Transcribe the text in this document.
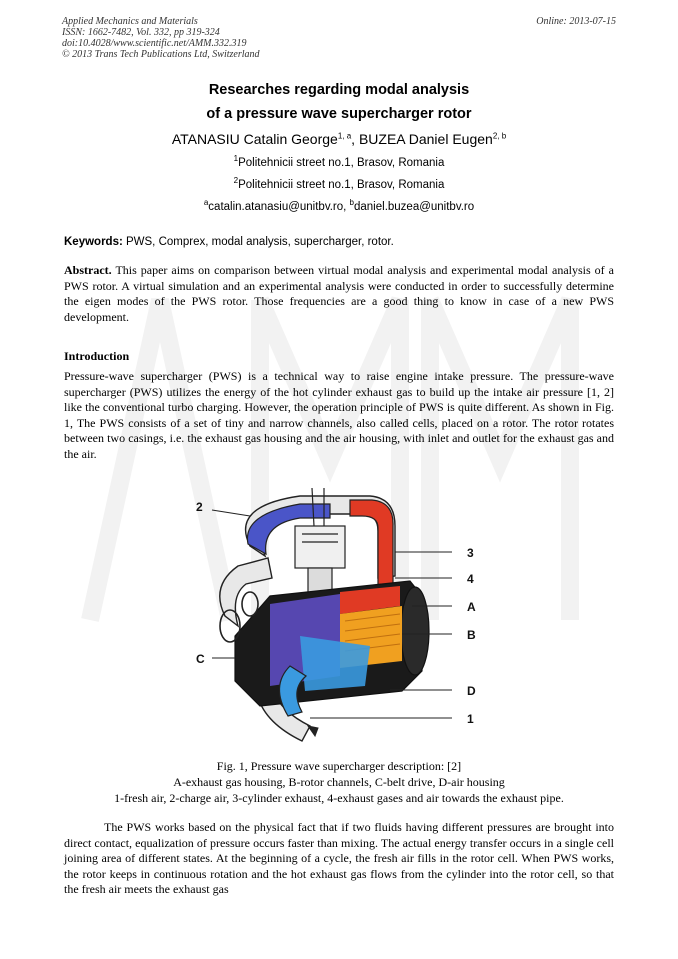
Applied Mechanics and Materials
ISSN: 1662-7482, Vol. 332, pp 319-324
doi:10.4028/www.scientific.net/AMM.332.319
© 2013 Trans Tech Publications Ltd, Switzerland
Online: 2013-07-15
Researches regarding modal analysis
of a pressure wave supercharger rotor
ATANASIU Catalin George$^{1, a}$, BUZEA Daniel Eugen$^{2, b}$
$^1$Politehnicii street no.1, Brasov, Romania
$^2$Politehnicii street no.1, Brasov, Romania
$^a$catalin.atanasiu@unitbv.ro, $^b$daniel.buzea@unitbv.ro
Keywords: PWS, Comprex, modal analysis, supercharger, rotor.
Abstract. This paper aims on comparison between virtual modal analysis and experimental modal analysis of a PWS rotor. A virtual simulation and an experimental analysis were conducted in order to successfully determine the eigen modes of the PWS rotor. Those frequencies are a good thing to know in case of a new PWS development.
Introduction
Pressure-wave supercharger (PWS) is a technical way to raise engine intake pressure. The pressure-wave supercharger (PWS) utilizes the energy of the hot cylinder exhaust gas to build up the intake air pressure [1, 2] like the conventional turbo charging. However, the operation principle of PWS is quite different. As shown in Fig. 1, The PWS consists of a set of tiny and narrow channels, also called cells, placed on a rotor. The rotor rotates between two casings, i.e. the exhaust gas housing and the air housing, with inlet and outlet for the exhaust gas and the air.
2
3
4
A
B
C
D
1
Fig. 1, Pressure wave supercharger description: [2]
A-exhaust gas housing, B-rotor channels, C-belt drive, D-air housing
1-fresh air, 2-charge air, 3-cylinder exhaust, 4-exhaust gases and air towards the exhaust pipe.
The PWS works based on the physical fact that if two fluids having different pressures are brought into direct contact, equalization of pressure occurs faster than mixing. The actual energy transfer occurs in a single cell joining area of different states. At the beginning of a cycle, the fresh air fills in the rotor cell. When PWS works, the rotor keeps in continuous rotation and the hot exhaust gas flows from the cylinder into the rotor cell, so that the fresh air meets the exhaust gas
